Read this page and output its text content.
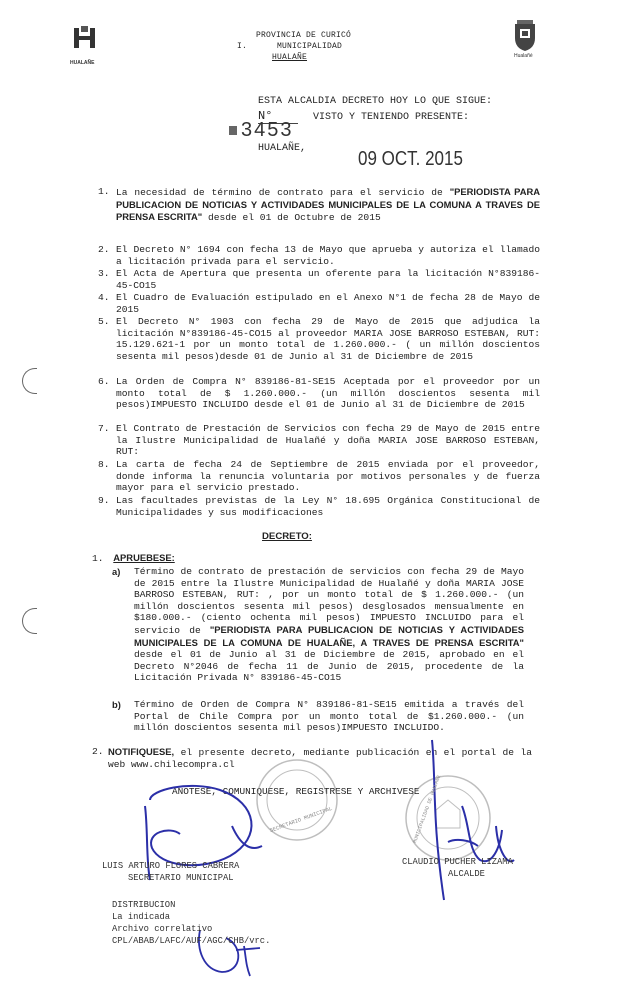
HUALAÑE
PROVINCIA DE CURICÓ
I.	MUNICIPALIDAD
HUALAÑE	Hualañé
ESTA ALCALDIA DECRETO HOY LO QUE SIGUE:
N°	VISTO Y TENIENDO PRESENTE:
3453
HUALAÑE,	09 OCT. 2015
1. La necesidad de término de contrato para el servicio de "PERIODISTA PARA PUBLICACION DE NOTICIAS Y ACTIVIDADES MUNICIPALES DE LA COMUNA A TRAVES DE PRENSA ESCRITA" desde el 01 de Octubre de 2015
2. El Decreto N° 1694 con fecha 13 de Mayo que aprueba y autoriza el llamado a licitación privada para el servicio.
3. El Acta de Apertura que presenta un oferente para la licitación N°839186-45-CO15
4. El Cuadro de Evaluación estipulado en el Anexo N°1 de fecha 28 de Mayo de 2015
5. El Decreto N° 1903 con fecha 29 de Mayo de 2015 que adjudica la licitación N°839186-45-CO15 al proveedor MARIA JOSE BARROSO ESTEBAN, RUT: 15.129.621-1 por un monto total de 1.260.000.- ( un millón doscientos sesenta mil pesos)desde 01 de Junio al 31 de Diciembre de 2015
6. La Orden de Compra N° 839186-81-SE15 Aceptada por el proveedor por un monto total de $ 1.260.000.- (un millón doscientos sesenta mil pesos)IMPUESTO INCLUIDO desde el 01 de Junio al 31 de Diciembre de 2015
7. El Contrato de Prestación de Servicios con fecha 29 de Mayo de 2015 entre la Ilustre Municipalidad de Hualañé y doña MARIA JOSE BARROSO ESTEBAN, RUT:
8. La carta de fecha 24 de Septiembre de 2015 enviada por el proveedor, donde informa la renuncia voluntaria por motivos personales y de fuerza mayor para el servicio prestado.
9. Las facultades previstas de la Ley N° 18.695 Orgánica Constitucional de Municipalidades y sus modificaciones
DECRETO:
1. APRUEBESE:
a) Término de contrato de prestación de servicios con fecha 29 de Mayo de 2015 entre la Ilustre Municipalidad de Hualañé y doña MARIA JOSE BARROSO ESTEBAN, RUT: , por un monto total de $ 1.260.000.- (un millón doscientos sesenta mil pesos) desglosados mensualmente en $180.000.- (ciento ochenta mil pesos) IMPUESTO INCLUIDO para el servicio de "PERIODISTA PARA PUBLICACION DE NOTICIAS Y ACTIVIDADES MUNICIPALES DE LA COMUNA DE HUALAÑE, A TRAVES DE PRENSA ESCRITA" desde el 01 de Junio al 31 de Diciembre de 2015, aprobado en el Decreto N°2046 de fecha 11 de Junio de 2015, procedente de la Licitación Privada N° 839186-45-CO15
b) Término de Orden de Compra N° 839186-81-SE15 emitida a través del Portal de Chile Compra por un monto total de $1.260.000.- (un millón doscientos sesenta mil pesos)IMPUESTO INCLUIDO.
2. NOTIFIQUESE, el presente decreto, mediante publicación en el portal de la web www.chilecompra.cl
ANOTESE, COMUNIQUESE, REGISTRESE Y ARCHIVESE
SECRETARIO MUNICIPAL	MUNICIPALIDAD DE HUALAÑE
LUIS ARTURO FLORES CABRERA
SECRETARIO MUNICIPAL
CLAUDIO PUCHER LIZAMA
ALCALDE
DISTRIBUCION
La indicada
Archivo correlativo
CPL/ABAB/LAFC/AUF/AGC/CHB/vrc.
